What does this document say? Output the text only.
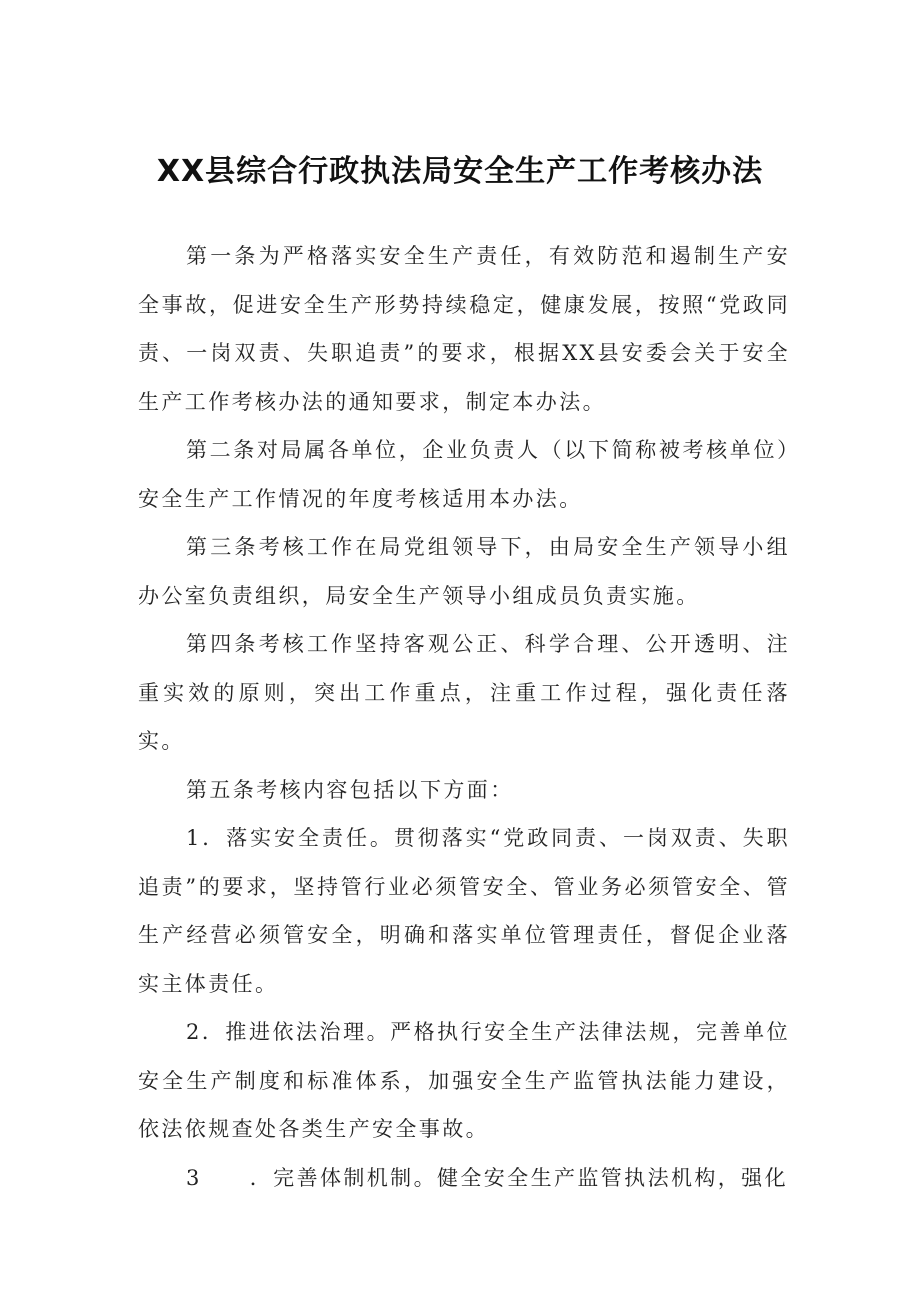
XX县综合行政执法局安全生产工作考核办法

第一条为严格落实安全生产责任，有效防范和遏制生产安全事故，促进安全生产形势持续稳定，健康发展，按照“党政同责、一岗双责、失职追责”的要求，根据XX县安委会关于安全生产工作考核办法的通知要求，制定本办法。

第二条对局属各单位，企业负责人（以下简称被考核单位）安全生产工作情况的年度考核适用本办法。

第三条考核工作在局党组领导下，由局安全生产领导小组办公室负责组织，局安全生产领导小组成员负责实施。

第四条考核工作坚持客观公正、科学合理、公开透明、注重实效的原则，突出工作重点，注重工作过程，强化责任落实。

第五条考核内容包括以下方面：

1．落实安全责任。贯彻落实“党政同责、一岗双责、失职追责”的要求，坚持管行业必须管安全、管业务必须管安全、管生产经营必须管安全，明确和落实单位管理责任，督促企业落实主体责任。

2．推进依法治理。严格执行安全生产法律法规，完善单位安全生产制度和标准体系，加强安全生产监管执法能力建设，依法依规查处各类生产安全事故。

3 ．完善体制机制。健全安全生产监管执法机构，强化
